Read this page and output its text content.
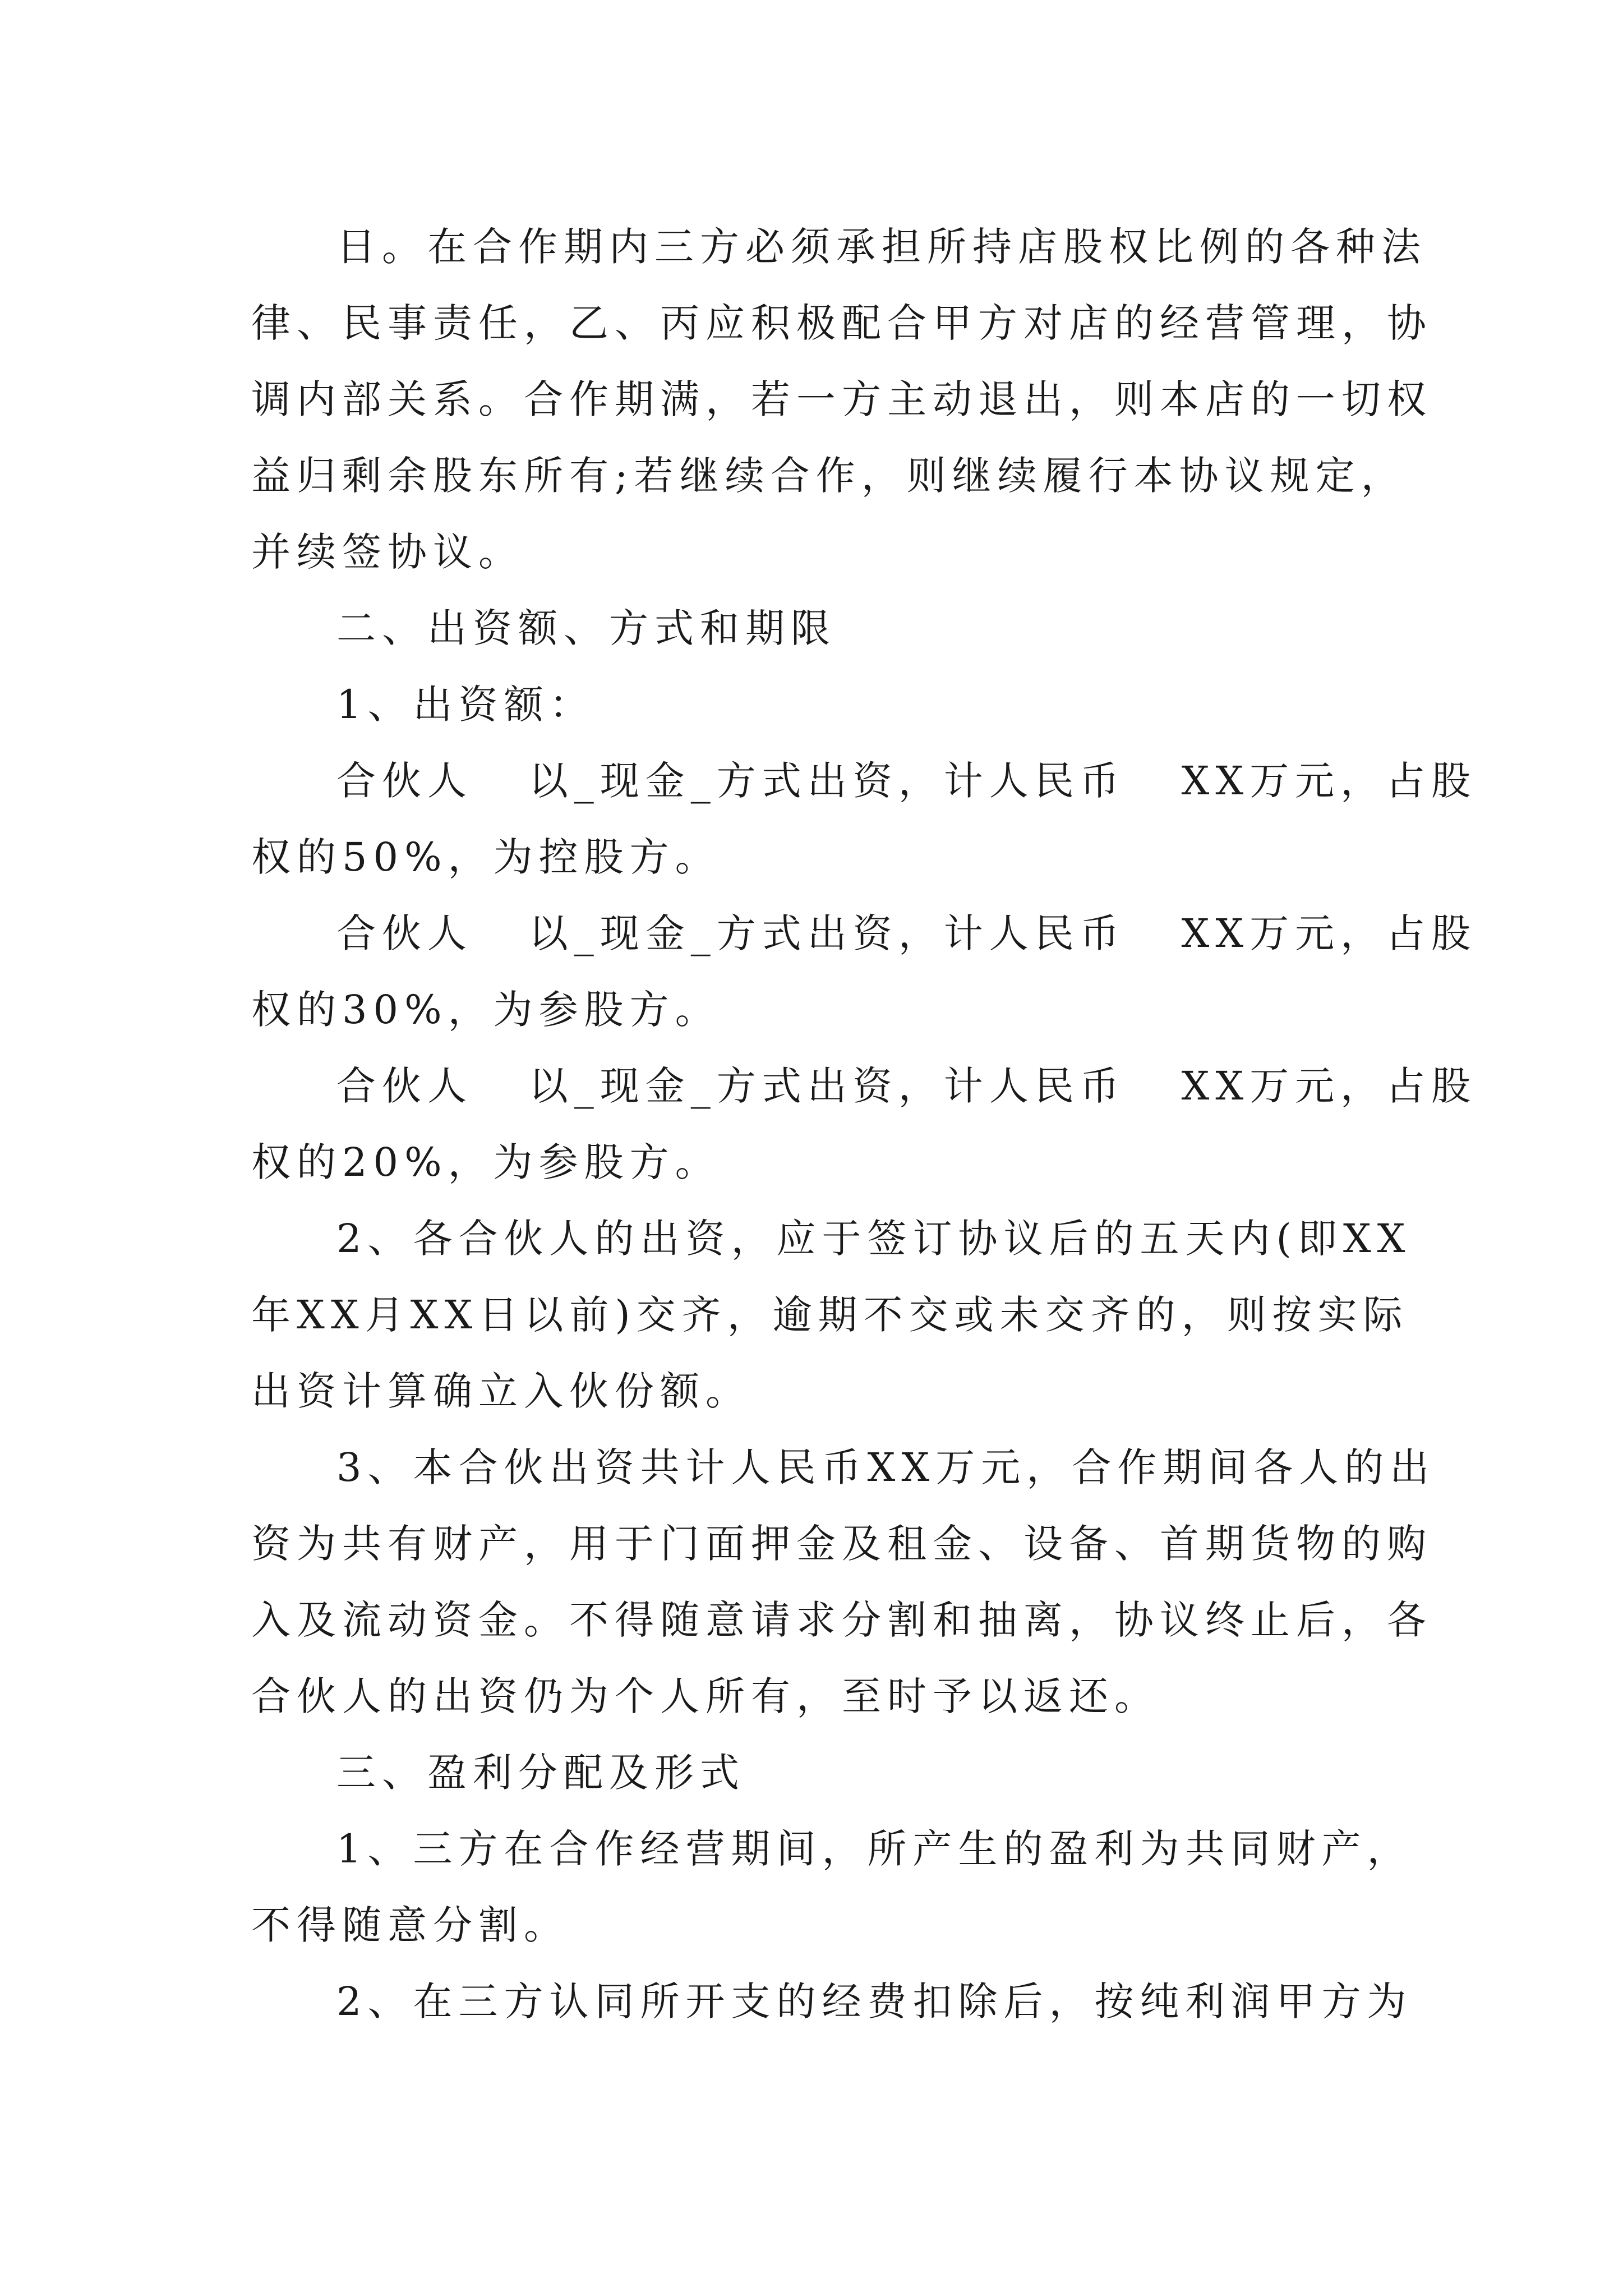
日。在合作期内三方必须承担所持店股权比例的各种法
律、民事责任，乙、丙应积极配合甲方对店的经营管理，协
调内部关系。合作期满，若一方主动退出，则本店的一切权
益归剩余股东所有;若继续合作，则继续履行本协议规定，
并续签协议。
二、出资额、方式和期限
1、出资额：
合伙人   以_现金_方式出资，计人民币   XX万元，占股
权的50%，为控股方。
合伙人   以_现金_方式出资，计人民币   XX万元，占股
权的30%，为参股方。
合伙人   以_现金_方式出资，计人民币   XX万元，占股
权的20%，为参股方。
2、各合伙人的出资，应于签订协议后的五天内(即XX
年XX月XX日以前)交齐，逾期不交或未交齐的，则按实际
出资计算确立入伙份额。
3、本合伙出资共计人民币XX万元，合作期间各人的出
资为共有财产，用于门面押金及租金、设备、首期货物的购
入及流动资金。不得随意请求分割和抽离，协议终止后，各
合伙人的出资仍为个人所有，至时予以返还。
三、盈利分配及形式
1、三方在合作经营期间，所产生的盈利为共同财产，
不得随意分割。
2、在三方认同所开支的经费扣除后，按纯利润甲方为
